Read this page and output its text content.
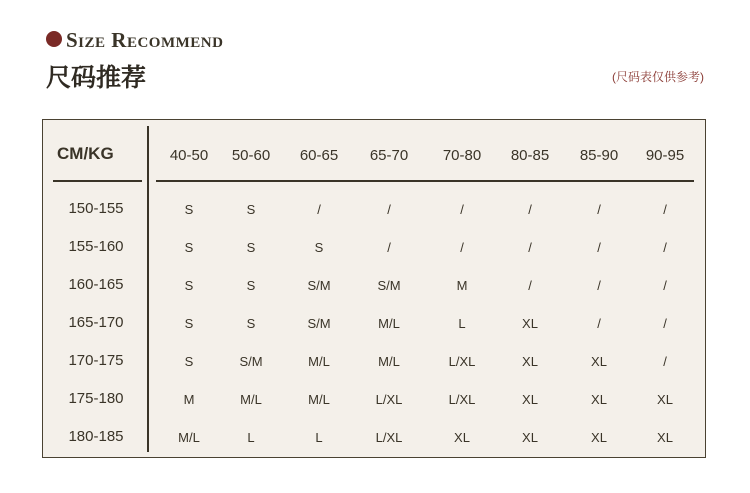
Size Recommend
尺码推荐	(尺码表仅供参考)
CM/KG	40-50	50-60	60-65	65-70	70-80	80-85	85-90	90-95
150-155	S	S	/	/	/	/	/	/
155-160	S	S	S	/	/	/	/	/
160-165	S	S	S/M	S/M	M	/	/	/
165-170	S	S	S/M	M/L	L	XL	/	/
170-175	S	S/M	M/L	M/L	L/XL	XL	XL	/
175-180	M	M/L	M/L	L/XL	L/XL	XL	XL	XL
180-185	M/L	L	L	L/XL	XL	XL	XL	XL
